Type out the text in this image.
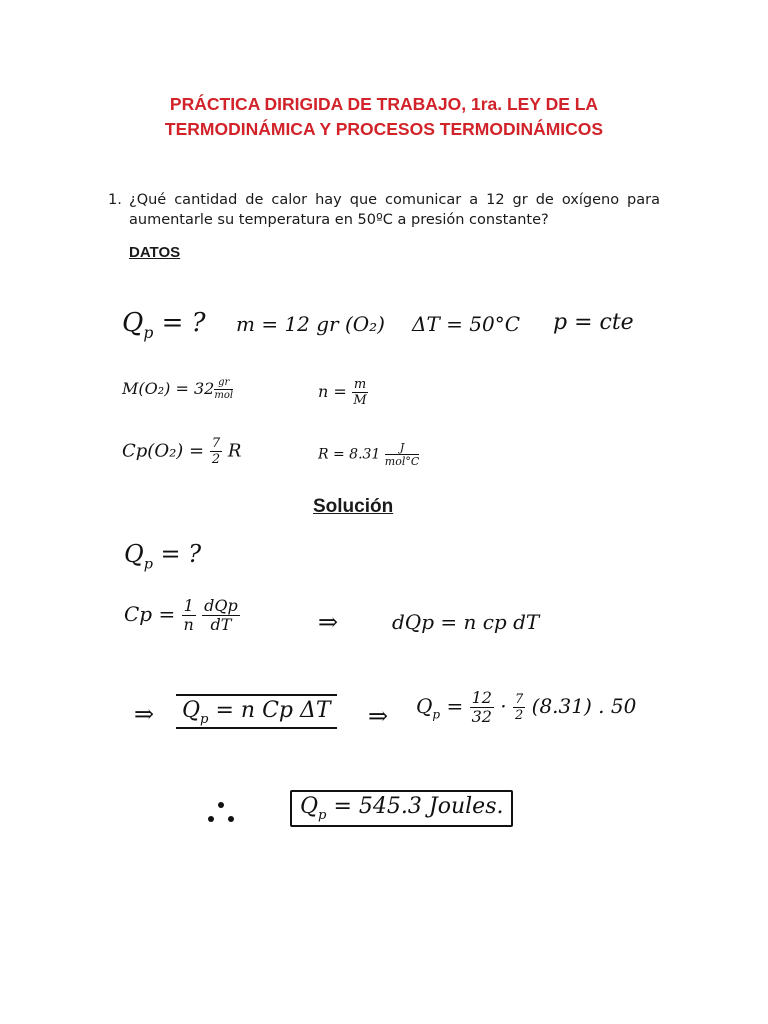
PRÁCTICA DIRIGIDA DE TRABAJO, 1ra. LEY DE LA
TERMODINÁMICA Y PROCESOS TERMODINÁMICOS
1. ¿Qué cantidad de calor hay que comunicar a 12 gr de oxígeno para aumentarle su temperatura en 50ºC a presión constante?
DATOS
$Q_p$ = ? m = 12 gr (O₂) ΔT = 50°C p = cte
$M(O_2) = 32 \frac{gr}{\text{mol}}$	$n = \frac{m}{M}$
$Cp(O_2) = \frac{7}{2}$ R	$R = 8.31 \frac{J}{\text{mol°C}}$
Solución
$Q_p$ = ?
$Cp = \frac{1}{n}$
$\frac{\text{dQp}}{dT}$	⇒	dQp = n cp dT
⇒ $Q_p = n$ Cp ΔT ⇒ $Q_p = \frac{12}{32} \cdot \frac{7}{2} (8.31)$ . 50
$Q_p = 545.3$ Joules.
